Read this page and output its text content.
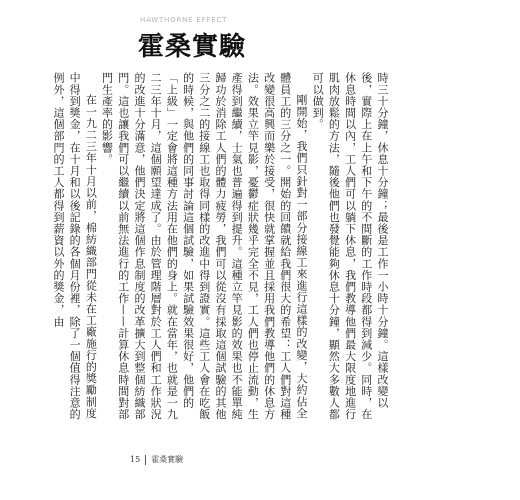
HAWTHORNE EFFECT
霍桑實驗

時三十分鐘，休息十分鐘；最後是工作一小時十分鐘。這樣改變以後，實際上在上午和下午的不間斷的工作時段都得到減少。同時，在休息時間以內，工人們可以躺下休息，我們教導他們最大限度地進行肌肉放鬆的方法，隨後他們也發覺能夠休息十分鐘，顯然大多數人都可以做到。

剛開始，我們只針對一部分接線工來進行這樣的改變，大約佔全體員工的三分之一。開始的回饋就給我們很大的希望：工人們對這種改變很高興而樂於接受，很快就掌握並且採用我們教導他們的休息方法。效果立竿見影，憂鬱症狀幾乎完全不見，工人們也停止流動，生產得到繼續，士氣也普遍得到提升。這種立竿見影的效果也不能單純歸功於消除工人們的體力疲勞，我們可以從沒有採取這個試驗的其他三分之二的接線工也取得同樣的改進中得到證實。這些工人會在吃飯的時候，與他們的同事討論這個試驗，如果試驗效果很好，他們的「上級」一定會將這種方法用在他們的身上。就在當年，也就是一九二三年十月，這個願望達成了。由於管理階層對於工人們和工作狀況的改進十分滿意，他們決定將這個作息制度的改革擴大到整個紡織部門。這也讓我們可以繼續以前無法進行的工作——計算休息時間對部門生產率的影響。

在一九二三年十月以前，棉紡織部門從未在工廠施行的獎勵制度中得到獎金，在十月和以後記錄的各個月份裡，除了一個值得注意的例外，這個部門的工人都得到薪資以外的獎金，由

15 霍桑實驗
